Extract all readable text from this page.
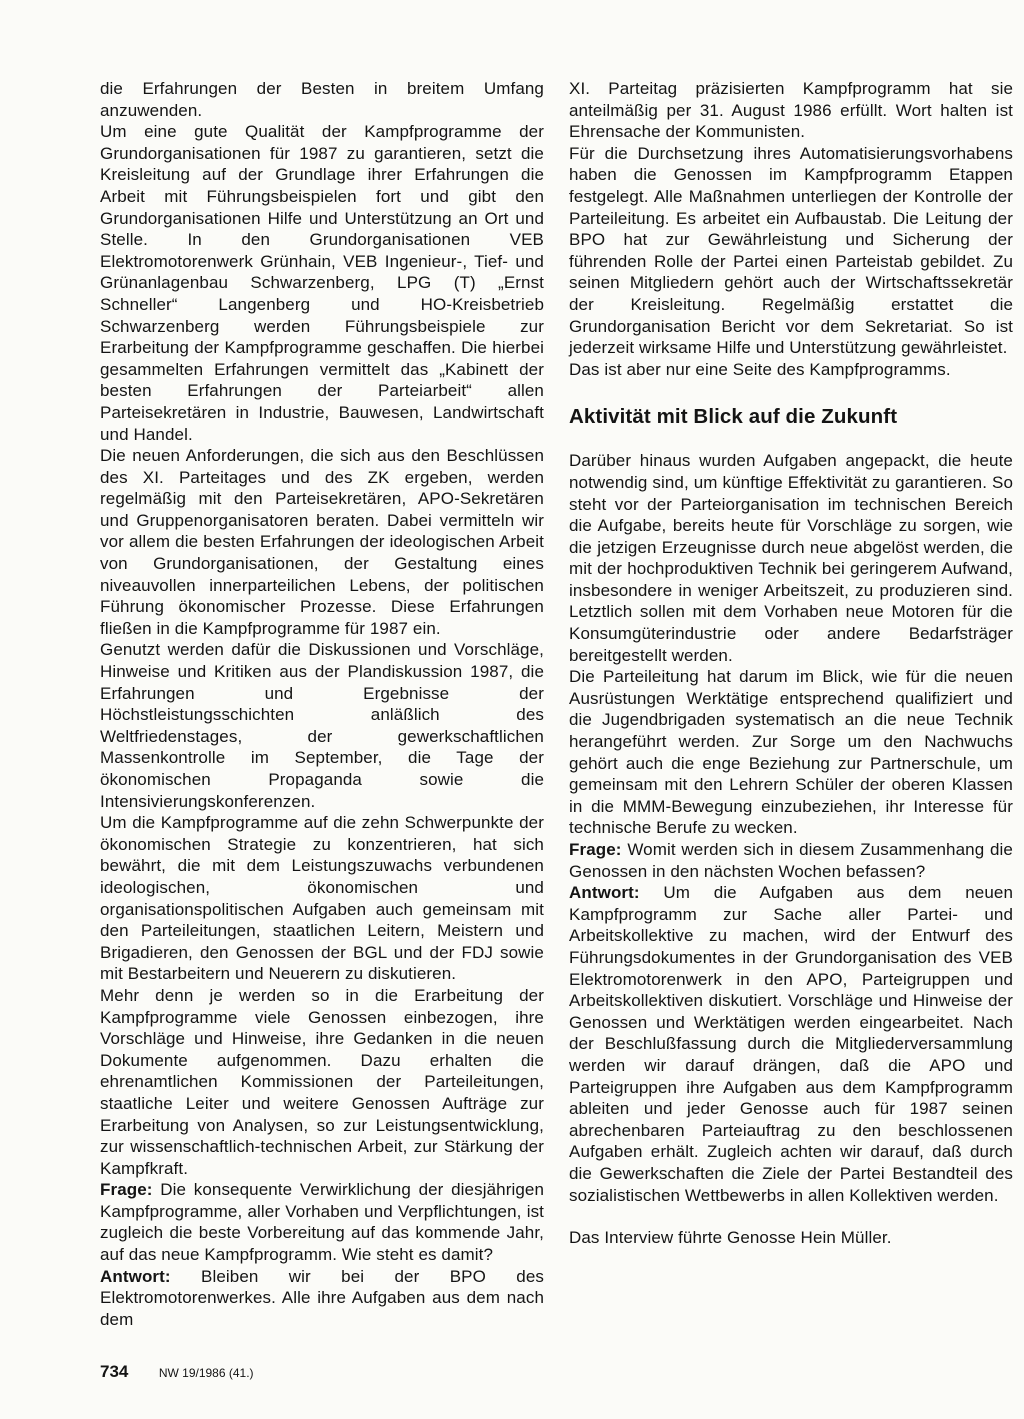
die Erfahrungen der Besten in breitem Umfang anzuwenden.

Um eine gute Qualität der Kampfprogramme der Grundorganisationen für 1987 zu garantieren, setzt die Kreisleitung auf der Grundlage ihrer Erfahrungen die Arbeit mit Führungsbeispielen fort und gibt den Grundorganisationen Hilfe und Unterstützung an Ort und Stelle. In den Grundorganisationen VEB Elektromotorenwerk Grünhain, VEB Ingenieur-, Tief- und Grünanlagenbau Schwarzenberg, LPG (T) „Ernst Schneller“ Langenberg und HO-Kreisbetrieb Schwarzenberg werden Führungsbeispiele zur Erarbeitung der Kampfprogramme geschaffen. Die hierbei gesammelten Erfahrungen vermittelt das „Kabinett der besten Erfahrungen der Parteiarbeit“ allen Parteisekretären in Industrie, Bauwesen, Landwirtschaft und Handel.

Die neuen Anforderungen, die sich aus den Beschlüssen des XI. Parteitages und des ZK ergeben, werden regelmäßig mit den Parteisekretären, APO-Sekretären und Gruppenorganisatoren beraten. Dabei vermitteln wir vor allem die besten Erfahrungen der ideologischen Arbeit von Grundorganisationen, der Gestaltung eines niveauvollen innerparteilichen Lebens, der politischen Führung ökonomischer Prozesse. Diese Erfahrungen fließen in die Kampfprogramme für 1987 ein.

Genutzt werden dafür die Diskussionen und Vorschläge, Hinweise und Kritiken aus der Plandiskussion 1987, die Erfahrungen und Ergebnisse der Höchstleistungsschichten anläßlich des Weltfriedenstages, der gewerkschaftlichen Massenkontrolle im September, die Tage der ökonomischen Propaganda sowie die Intensivierungskonferenzen.

Um die Kampfprogramme auf die zehn Schwerpunkte der ökonomischen Strategie zu konzentrieren, hat sich bewährt, die mit dem Leistungszuwachs verbundenen ideologischen, ökonomischen und organisationspolitischen Aufgaben auch gemeinsam mit den Parteileitungen, staatlichen Leitern, Meistern und Brigadieren, den Genossen der BGL und der FDJ sowie mit Bestarbeitern und Neuerern zu diskutieren.

Mehr denn je werden so in die Erarbeitung der Kampfprogramme viele Genossen einbezogen, ihre Vorschläge und Hinweise, ihre Gedanken in die neuen Dokumente aufgenommen. Dazu erhalten die ehrenamtlichen Kommissionen der Parteileitungen, staatliche Leiter und weitere Genossen Aufträge zur Erarbeitung von Analysen, so zur Leistungsentwicklung, zur wissenschaftlich-technischen Arbeit, zur Stärkung der Kampfkraft.

Frage: Die konsequente Verwirklichung der diesjährigen Kampfprogramme, aller Vorhaben und Verpflichtungen, ist zugleich die beste Vorbereitung auf das kommende Jahr, auf das neue Kampfprogramm. Wie steht es damit?

Antwort: Bleiben wir bei der BPO des Elektromotorenwerkes. Alle ihre Aufgaben aus dem nach dem

XI. Parteitag präzisierten Kampfprogramm hat sie anteilmäßig per 31. August 1986 erfüllt. Wort halten ist Ehrensache der Kommunisten.

Für die Durchsetzung ihres Automatisierungsvorhabens haben die Genossen im Kampfprogramm Etappen festgelegt. Alle Maßnahmen unterliegen der Kontrolle der Parteileitung. Es arbeitet ein Aufbaustab. Die Leitung der BPO hat zur Gewährleistung und Sicherung der führenden Rolle der Partei einen Parteistab gebildet. Zu seinen Mitgliedern gehört auch der Wirtschaftssekretär der Kreisleitung. Regelmäßig erstattet die Grundorganisation Bericht vor dem Sekretariat. So ist jederzeit wirksame Hilfe und Unterstützung gewährleistet.

Das ist aber nur eine Seite des Kampfprogramms.

Aktivität mit Blick auf die Zukunft

Darüber hinaus wurden Aufgaben angepackt, die heute notwendig sind, um künftige Effektivität zu garantieren. So steht vor der Parteiorganisation im technischen Bereich die Aufgabe, bereits heute für Vorschläge zu sorgen, wie die jetzigen Erzeugnisse durch neue abgelöst werden, die mit der hochproduktiven Technik bei geringerem Aufwand, insbesondere in weniger Arbeitszeit, zu produzieren sind. Letztlich sollen mit dem Vorhaben neue Motoren für die Konsumgüterindustrie oder andere Bedarfsträger bereitgestellt werden.

Die Parteileitung hat darum im Blick, wie für die neuen Ausrüstungen Werktätige entsprechend qualifiziert und die Jugendbrigaden systematisch an die neue Technik herangeführt werden. Zur Sorge um den Nachwuchs gehört auch die enge Beziehung zur Partnerschule, um gemeinsam mit den Lehrern Schüler der oberen Klassen in die MMM-Bewegung einzubeziehen, ihr Interesse für technische Berufe zu wecken.

Frage: Womit werden sich in diesem Zusammenhang die Genossen in den nächsten Wochen befassen?

Antwort: Um die Aufgaben aus dem neuen Kampfprogramm zur Sache aller Partei- und Arbeitskollektive zu machen, wird der Entwurf des Führungsdokumentes in der Grundorganisation des VEB Elektromotorenwerk in den APO, Parteigruppen und Arbeitskollektiven diskutiert. Vorschläge und Hinweise der Genossen und Werktätigen werden eingearbeitet. Nach der Beschlußfassung durch die Mitgliederversammlung werden wir darauf drängen, daß die APO und Parteigruppen ihre Aufgaben aus dem Kampfprogramm ableiten und jeder Genosse auch für 1987 seinen abrechenbaren Parteiauftrag zu den beschlossenen Aufgaben erhält. Zugleich achten wir darauf, daß durch die Gewerkschaften die Ziele der Partei Bestandteil des sozialistischen Wettbewerbs in allen Kollektiven werden.

Das Interview führte Genosse Hein Müller.

734	NW 19/1986 (41.)
